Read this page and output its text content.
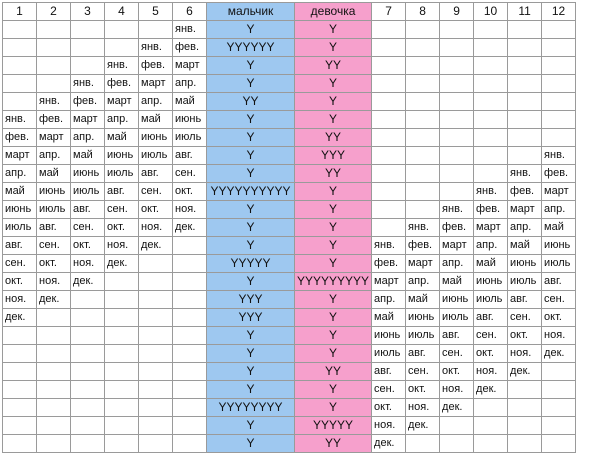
1	2	3	4	5	6	мальчик	девочка	7	8	9	10	11	12
					янв.	Y	Y						
				янв.	фев.	YYYYYY	Y						
			янв.	фев.	март	Y	YY						
		янв.	фев.	март	апр.	Y	Y						
	янв.	фев.	март	апр.	май	YY	Y						
янв.	фев.	март	апр.	май	июнь	Y	Y						
фев.	март	апр.	май	июнь	июль	Y	YY						
март	апр.	май	июнь	июль	авг.	Y	YYY						янв.
апр.	май	июнь	июль	авг.	сен.	Y	YY					янв.	фев.
май	июнь	июль	авг.	сен.	окт.	YYYYYYYYYY	Y				янв.	фев.	март
июнь	июль	авг.	сен.	окт.	ноя.	Y	Y			янв.	фев.	март	апр.
июль	авг.	сен.	окт.	ноя.	дек.	Y	Y		янв.	фев.	март	апр.	май
авг.	сен.	окт.	ноя.	дек.		Y	Y	янв.	фев.	март	апр.	май	июнь
сен.	окт.	ноя.	дек.			YYYYY	Y	фев.	март	апр.	май	июнь	июль
окт.	ноя.	дек.				Y	YYYYYYYYY	март	апр.	май	июнь	июль	авг.
ноя.	дек.					YYY	Y	апр.	май	июнь	июль	авг.	сен.
дек.						YYY	Y	май	июнь	июль	авг.	сен.	окт.
						Y	Y	июнь	июль	авг.	сен.	окт.	ноя.
						Y	Y	июль	авг.	сен.	окт.	ноя.	дек.
						Y	YY	авг.	сен.	окт.	ноя.	дек.	
						Y	Y	сен.	окт.	ноя.	дек.		
						YYYYYYYY	Y	окт.	ноя.	дек.			
						Y	YYYYY	ноя.	дек.				
						Y	YY	дек.					
